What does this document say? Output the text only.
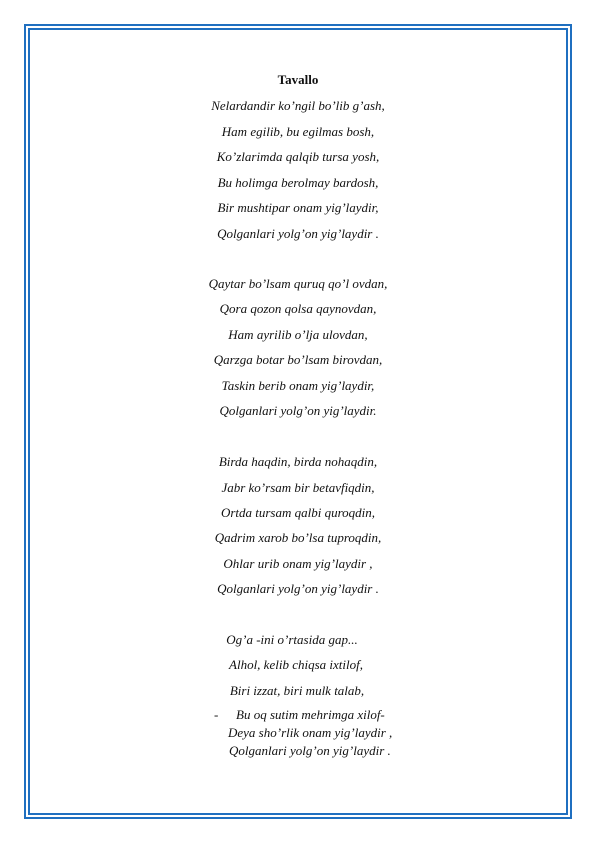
Tavallo
Nelardandir ko’ngil bo’lib g’ash,
Ham egilib, bu egilmas bosh,
Ko’zlarimda qalqib tursa yosh,
Bu holimga berolmay bardosh,
Bir mushtipar onam yig’laydir,
Qolganlari yolg’on yig’laydir .
Qaytar bo’lsam quruq qo’l ovdan,
Qora qozon qolsa qaynovdan,
Ham ayrilib o’lja ulovdan,
Qarzga botar bo’lsam birovdan,
Taskin berib onam yig’laydir,
Qolganlari yolg’on yig’laydir.
Birda haqdin, birda nohaqdin,
Jabr ko’rsam bir betavfiqdin,
Ortda tursam qalbi quroqdin,
Qadrim xarob bo’lsa tuproqdin,
Ohlar urib onam yig’laydir ,
Qolganlari yolg’on yig’laydir .
Og’a -ini o’rtasida gap...
Alhol, kelib chiqsa ixtilof,
Biri izzat, biri mulk talab,
- Bu oq sutim mehrimga xilof-
Deya sho’rlik onam yig’laydir ,
Qolganlari yolg’on yig’laydir .
